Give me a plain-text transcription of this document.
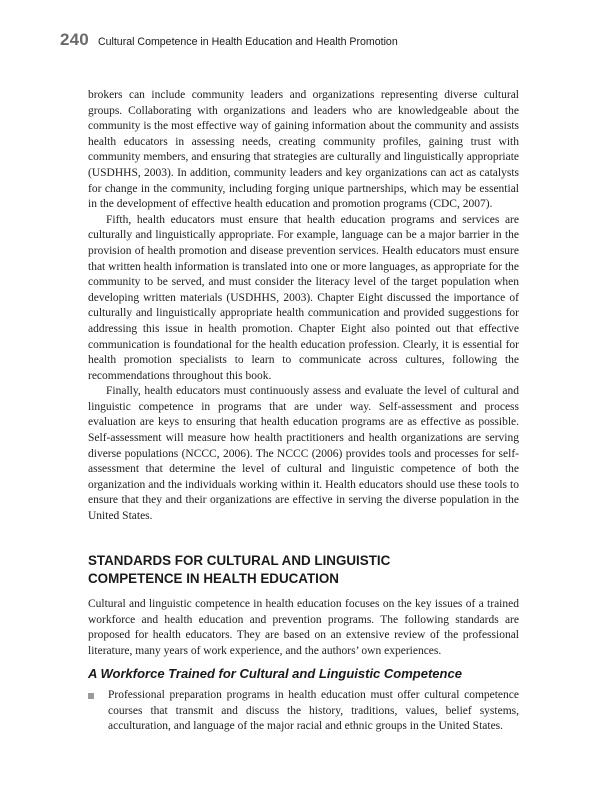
240 Cultural Competence in Health Education and Health Promotion

brokers can include community leaders and organizations representing diverse cultural groups. Collaborating with organizations and leaders who are knowledgeable about the community is the most effective way of gaining information about the community and assists health educators in assessing needs, creating community profiles, gaining trust with community members, and ensuring that strategies are culturally and linguistically appropriate (USDHHS, 2003). In addition, community leaders and key organizations can act as catalysts for change in the community, including forging unique partnerships, which may be essential in the development of effective health education and promotion programs (CDC, 2007).

Fifth, health educators must ensure that health education programs and services are culturally and linguistically appropriate. For example, language can be a major barrier in the provision of health promotion and disease prevention services. Health educators must ensure that written health information is translated into one or more languages, as appropriate for the community to be served, and must consider the literacy level of the target population when developing written materials (USDHHS, 2003). Chapter Eight discussed the importance of culturally and linguistically appropriate health communication and provided suggestions for addressing this issue in health promotion. Chapter Eight also pointed out that effective communication is foundational for the health education profession. Clearly, it is essential for health promotion specialists to learn to communicate across cultures, following the recommendations throughout this book.

Finally, health educators must continuously assess and evaluate the level of cultural and linguistic competence in programs that are under way. Self-assessment and process evaluation are keys to ensuring that health education programs are as effective as possible. Self-assessment will measure how health practitioners and health organizations are serving diverse populations (NCCC, 2006). The NCCC (2006) provides tools and processes for self-assessment that determine the level of cultural and linguistic competence of both the organization and the individuals working within it. Health educators should use these tools to ensure that they and their organizations are effective in serving the diverse population in the United States.

STANDARDS FOR CULTURAL AND LINGUISTIC
COMPETENCE IN HEALTH EDUCATION

Cultural and linguistic competence in health education focuses on the key issues of a trained workforce and health education and prevention programs. The following standards are proposed for health educators. They are based on an extensive review of the professional literature, many years of work experience, and the authors’ own experiences.

A Workforce Trained for Cultural and Linguistic Competence

Professional preparation programs in health education must offer cultural competence courses that transmit and discuss the history, traditions, values, belief systems, acculturation, and language of the major racial and ethnic groups in the United States.
